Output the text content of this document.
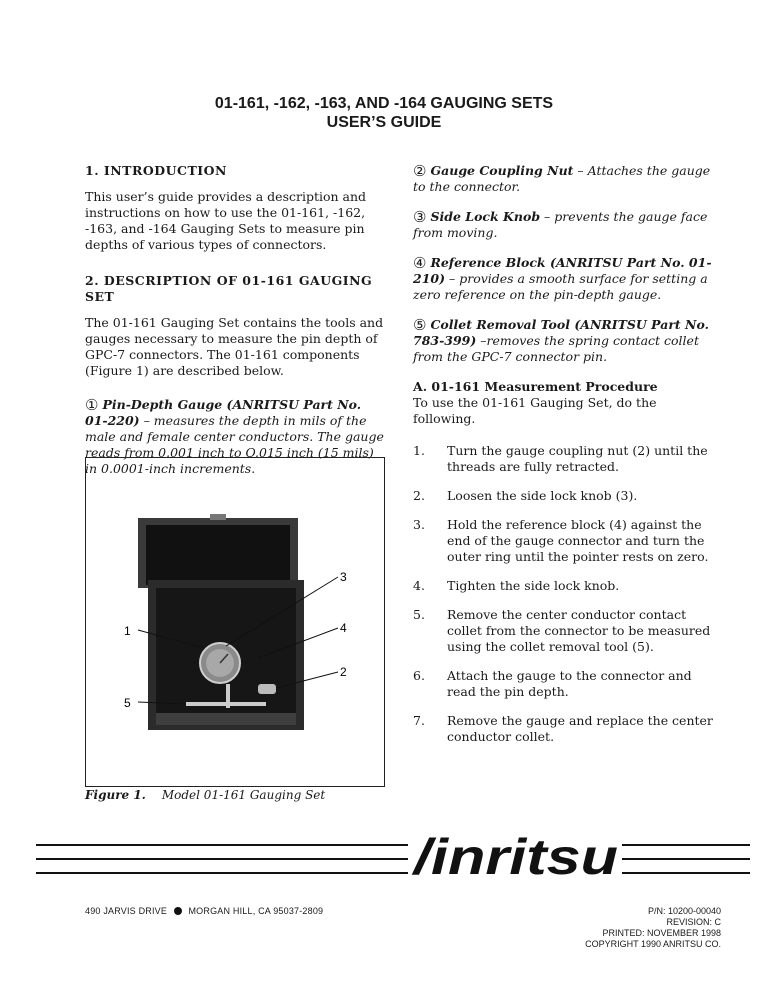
01-161, -162, -163, AND -164 GAUGING SETS
USER’S GUIDE
1. INTRODUCTION

This user’s guide provides a description and instructions on how to use the 01-161, -162, -163, and -164 Gauging Sets to measure pin depths of various types of connectors.

2. DESCRIPTION OF 01-161 GAUGING SET

The 01-161 Gauging Set contains the tools and gauges necessary to measure the pin depth of GPC-7 connectors. The 01-161 components (Figure 1) are described below.

① Pin-Depth Gauge (ANRITSU Part No. 01-220) – measures the depth in mils of the male and female center conductors. The gauge reads from 0.001 inch to O.015 inch (15 mils) in 0.0001-inch increments.

② Gauge Coupling Nut – Attaches the gauge to the connector.

③ Side Lock Knob – prevents the gauge face from moving.

④ Reference Block (ANRITSU Part No. 01-210) – provides a smooth surface for setting a zero reference on the pin-depth gauge.

⑤ Collet Removal Tool (ANRITSU Part No. 783-399) –removes the spring contact collet from the GPC-7 connector pin.

A. 01-161 Measurement Procedure
To use the 01-161 Gauging Set, do the following.
1.	Turn the gauge coupling nut (2) until the threads are fully retracted.
2.	Loosen the side lock knob (3).
3.	Hold the reference block (4) against the end of the gauge connector and turn the outer ring until the pointer rests on zero.
4.	Tighten the side lock knob.
5.	Remove the center conductor contact collet from the connector to be measured using the collet removal tool (5).
6.	Attach the gauge to the connector and read the pin depth.
7.	Remove the gauge and replace the center conductor collet.
1
2
3
4
5
Figure 1. Model 01-161 Gauging Set
/inritsu
490 JARVIS DRIVE MORGAN HILL, CA 95037-2809	P/N: 10200-00040
REVISION: C
PRINTED: NOVEMBER 1998
COPYRIGHT 1990 ANRITSU CO.
